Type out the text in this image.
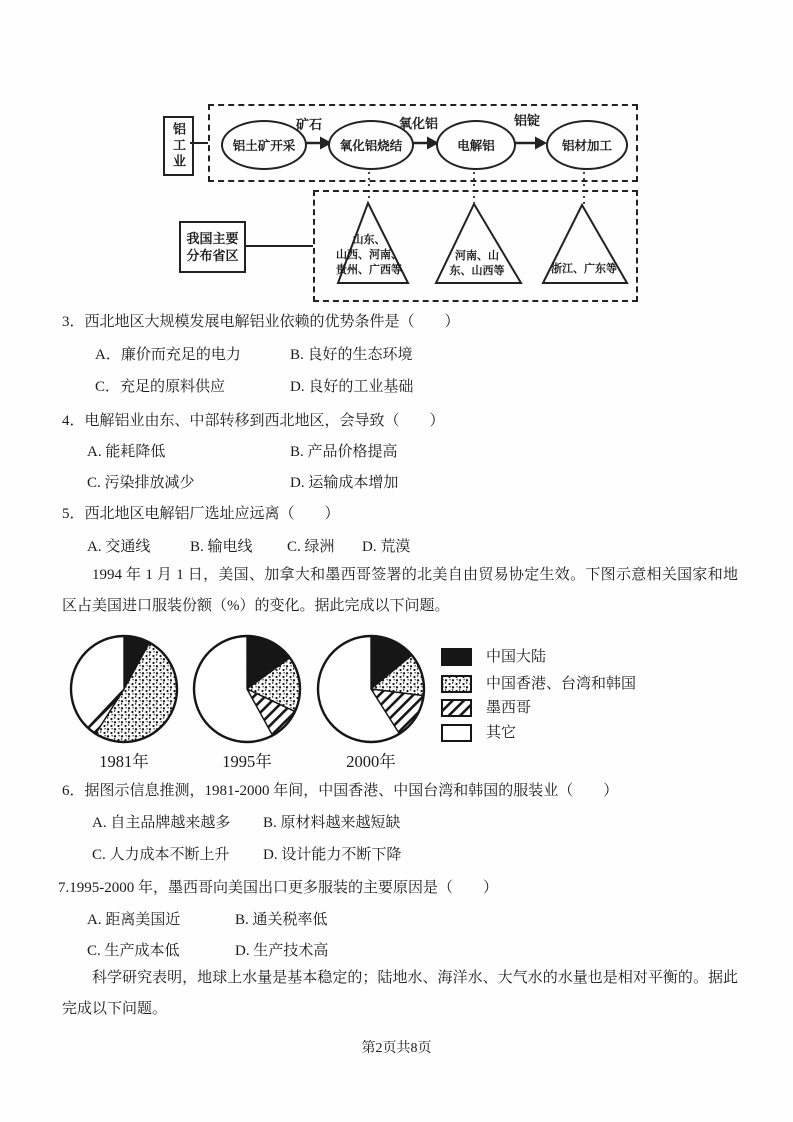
铝工业	铝土矿开采	氧化铝烧结	电解铝	铝材加工
矿石	氧化铝	铝锭
我国主要
分布省区
山东、
山西、河南、
贵州、广西等
河南、山
东、山西等	浙江、广东等
3．西北地区大规模发展电解铝业依赖的优势条件是（　　）
A．廉价而充足的电力	B. 良好的生态环境
C．充足的原料供应	D. 良好的工业基础
4．电解铝业由东、中部转移到西北地区，会导致（　　）
A. 能耗降低	B. 产品价格提高
C. 污染排放减少	D. 运输成本增加
5．西北地区电解铝厂选址应远离（　　）
A. 交通线	B. 输电线 C. 绿洲 D. 荒漠
1994 年 1 月 1 日，美国、加拿大和墨西哥签署的北美自由贸易协定生效。下图示意相关国家和地区占美国进口服装份额（%）的变化。据此完成以下问题。
1981年	1995年	2000年
中国大陆
中国香港、台湾和韩国
墨西哥
其它
6．据图示信息推测，1981-2000 年间，中国香港、中国台湾和韩国的服装业（　　）
A. 自主品牌越来越多 B. 原材料越来越短缺
C. 人力成本不断上升 D. 设计能力不断下降
7.1995-2000 年，墨西哥向美国出口更多服装的主要原因是（　　）
A. 距离美国近	B. 通关税率低
C. 生产成本低	D. 生产技术高
科学研究表明，地球上水量是基本稳定的；陆地水、海洋水、大气水的水量也是相对平衡的。据此完成以下问题。
第2页共8页
